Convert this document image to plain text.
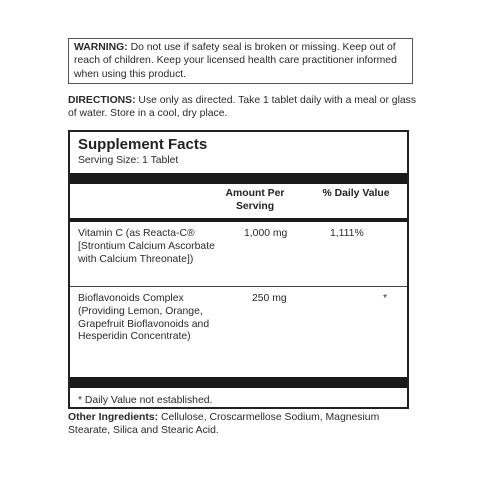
WARNING: Do not use if safety seal is broken or missing. Keep out of reach of children. Keep your licensed health care practitioner informed when using this product.
DIRECTIONS: Use only as directed. Take 1 tablet daily with a meal or glass of water. Store in a cool, dry place.
Supplement Facts
Serving Size: 1 Tablet
Amount Per Serving
% Daily Value
Vitamin C (as Reacta-C® [Strontium Calcium Ascorbate with Calcium Threonate])
1,000 mg	1,111%
Bioflavonoids Complex (Providing Lemon, Orange, Grapefruit Bioflavonoids and Hesperidin Concentrate)
250 mg	*
* Daily Value not established.
Other Ingredients: Cellulose, Croscarmellose Sodium, Magnesium Stearate, Silica and Stearic Acid.
